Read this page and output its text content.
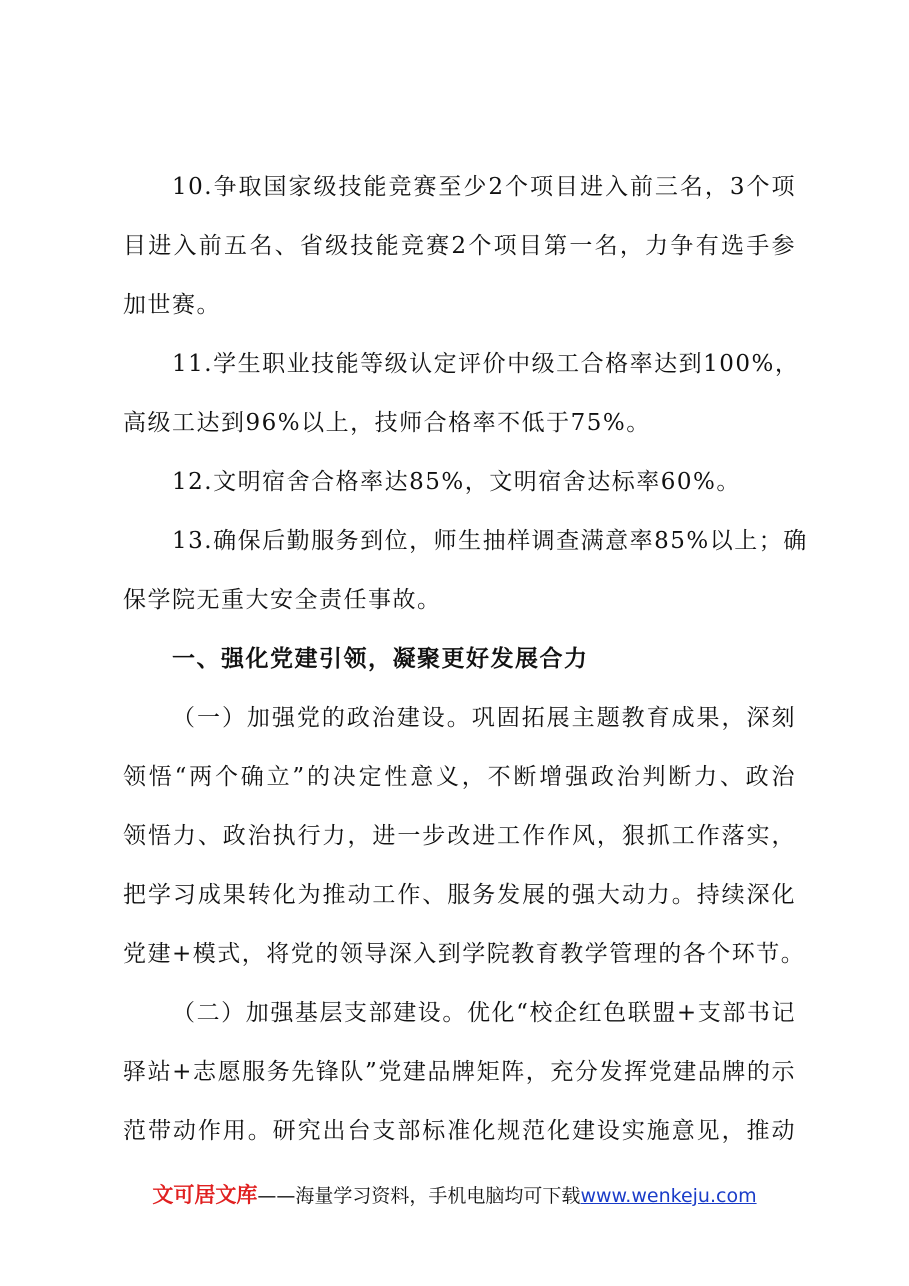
10.争取国家级技能竞赛至少2个项目进入前三名，3个项
目进入前五名、省级技能竞赛2个项目第一名，力争有选手参
加世赛。
11.学生职业技能等级认定评价中级工合格率达到100%，
高级工达到96%以上，技师合格率不低于75%。
12.文明宿舍合格率达85%，文明宿舍达标率60%。
13.确保后勤服务到位，师生抽样调查满意率85%以上；确
保学院无重大安全责任事故。
一、强化党建引领，凝聚更好发展合力
（一）加强党的政治建设。巩固拓展主题教育成果，深刻
领悟“两个确立”的决定性意义，不断增强政治判断力、政治
领悟力、政治执行力，进一步改进工作作风，狠抓工作落实，
把学习成果转化为推动工作、服务发展的强大动力。持续深化
党建+模式，将党的领导深入到学院教育教学管理的各个环节。
（二）加强基层支部建设。优化“校企红色联盟+支部书记
驿站+志愿服务先锋队”党建品牌矩阵，充分发挥党建品牌的示
范带动作用。研究出台支部标准化规范化建设实施意见，推动
文可居文库——海量学习资料，手机电脑均可下载www.wenkeju.com
